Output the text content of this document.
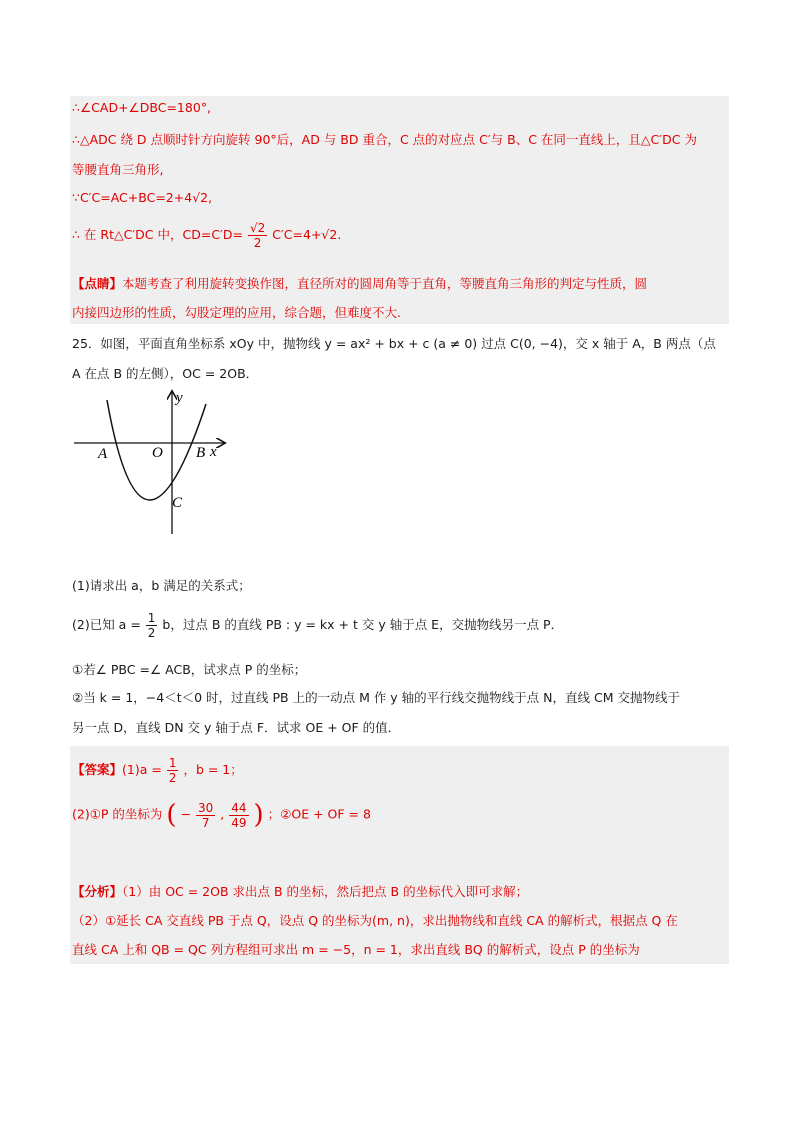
∴∠CAD+∠DBC=180°,
∴△ADC 绕 D 点顺时针方向旋转 90°后，AD 与 BD 重合，C 点的对应点 C′与 B、C 在同一直线上，且△C′DC 为
等腰直角三角形,
∵C′C=AC+BC=2+4√2,
∴ 在 Rt△C′DC 中，$CD=C'D= \frac{√2}{2} C'C=4+√2$.
【点睛】本题考查了利用旋转变换作图，直径所对的圆周角等于直角，等腰直角三角形的判定与性质，圆
内接四边形的性质，勾股定理的应用，综合题，但难度不大.
25．如图，平面直角坐标系 xOy 中，抛物线 y = ax² + bx + c (a ≠ 0) 过点 C(0, −4)，交 x 轴于 A，B 两点（点
A 在点 B 的左侧），OC = 2OB．
y
x
O
A	B
C
(1)请求出 a，b 满足的关系式；
(2)已知 $a = \frac{1}{2}$ b，过点 B 的直线 PB : y = kx + t 交 y 轴于点 E，交抛物线另一点 P．
①若∠ PBC =∠ ACB，试求点 P 的坐标；
②当 k = 1，−4＜t＜0 时，过直线 PB 上的一动点 M 作 y 轴的平行线交抛物线于点 N，直线 CM 交抛物线于
另一点 D，直线 DN 交 y 轴于点 F．试求 OE + OF 的值．
【答案】$(1)a = \frac{1}{2}$ ，b = 1；
(2)①P 的坐标为 ( − $\frac{30}{7}$ , $\frac{44}{49}$ ) ；②OE + OF = 8
【分析】（1）由 OC = 2OB 求出点 B 的坐标，然后把点 B 的坐标代入即可求解；
（2）①延长 CA 交直线 PB 于点 Q，设点 Q 的坐标为(m, n)，求出抛物线和直线 CA 的解析式，根据点 Q 在
直线 CA 上和 QB = QC 列方程组可求出 m = −5，n = 1，求出直线 BQ 的解析式，设点 P 的坐标为
